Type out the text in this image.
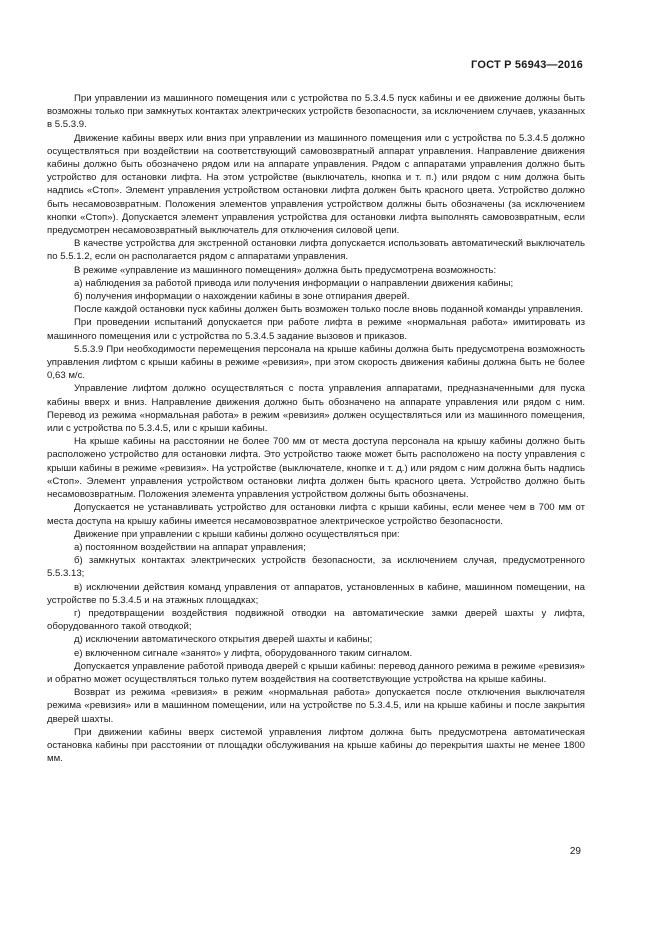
ГОСТ Р 56943—2016

При управлении из машинного помещения или с устройства по 5.3.4.5 пуск кабины и ее движение должны быть возможны только при замкнутых контактах электрических устройств безопасности, за исключением случаев, указанных в 5.5.3.9.

Движение кабины вверх или вниз при управлении из машинного помещения или с устройства по 5.3.4.5 должно осуществляться при воздействии на соответствующий самовозвратный аппарат управления. Направление движения кабины должно быть обозначено рядом или на аппарате управления. Рядом с аппаратами управления должно быть устройство для остановки лифта. На этом устройстве (выключатель, кнопка и т. п.) или рядом с ним должна быть надпись «Стоп». Элемент управления устройством остановки лифта должен быть красного цвета. Устройство должно быть несамовозвратным. Положения элементов управления устройством должны быть обозначены (за исключением кнопки «Стоп»). Допускается элемент управления устройства для остановки лифта выполнять самовозвратным, если предусмотрен несамовозвратный выключатель для отключения силовой цепи.

В качестве устройства для экстренной остановки лифта допускается использовать автоматический выключатель по 5.5.1.2, если он располагается рядом с аппаратами управления.

В режиме «управление из машинного помещения» должна быть предусмотрена возможность:

а) наблюдения за работой привода или получения информации о направлении движения кабины;

б) получения информации о нахождении кабины в зоне отпирания дверей.

После каждой остановки пуск кабины должен быть возможен только после вновь поданной команды управления.

При проведении испытаний допускается при работе лифта в режиме «нормальная работа» имитировать из машинного помещения или с устройства по 5.3.4.5 задание вызовов и приказов.

5.5.3.9 При необходимости перемещения персонала на крыше кабины должна быть предусмотрена возможность управления лифтом с крыши кабины в режиме «ревизия», при этом скорость движения кабины должна быть не более 0,63 м/с.

Управление лифтом должно осуществляться с поста управления аппаратами, предназначенными для пуска кабины вверх и вниз. Направление движения должно быть обозначено на аппарате управления или рядом с ним. Перевод из режима «нормальная работа» в режим «ревизия» должен осуществляться или из машинного помещения, или с устройства по 5.3.4.5, или с крыши кабины.

На крыше кабины на расстоянии не более 700 мм от места доступа персонала на крышу кабины должно быть расположено устройство для остановки лифта. Это устройство также может быть расположено на посту управления с крыши кабины в режиме «ревизия». На устройстве (выключателе, кнопке и т. д.) или рядом с ним должна быть надпись «Стоп». Элемент управления устройством остановки лифта должен быть красного цвета. Устройство должно быть несамовозвратным. Положения элемента управления устройством должны быть обозначены.

Допускается не устанавливать устройство для остановки лифта с крыши кабины, если менее чем в 700 мм от места доступа на крышу кабины имеется несамовозвратное электрическое устройство безопасности.

Движение при управлении с крыши кабины должно осуществляться при:

а) постоянном воздействии на аппарат управления;

б) замкнутых контактах электрических устройств безопасности, за исключением случая, предусмотренного 5.5.3.13;

в) исключении действия команд управления от аппаратов, установленных в кабине, машинном помещении, на устройстве по 5.3.4.5 и на этажных площадках;

г) предотвращении воздействия подвижной отводки на автоматические замки дверей шахты у лифта, оборудованного такой отводкой;

д) исключении автоматического открытия дверей шахты и кабины;

е) включенном сигнале «занято» у лифта, оборудованного таким сигналом.

Допускается управление работой привода дверей с крыши кабины: перевод данного режима в режиме «ревизия» и обратно может осуществляться только путем воздействия на соответствующие устройства на крыше кабины.

Возврат из режима «ревизия» в режим «нормальная работа» допускается после отключения выключателя режима «ревизия» или в машинном помещении, или на устройстве по 5.3.4.5, или на крыше кабины и после закрытия дверей шахты.

При движении кабины вверх системой управления лифтом должна быть предусмотрена автоматическая остановка кабины при расстоянии от площадки обслуживания на крыше кабины до перекрытия шахты не менее 1800 мм.

29
